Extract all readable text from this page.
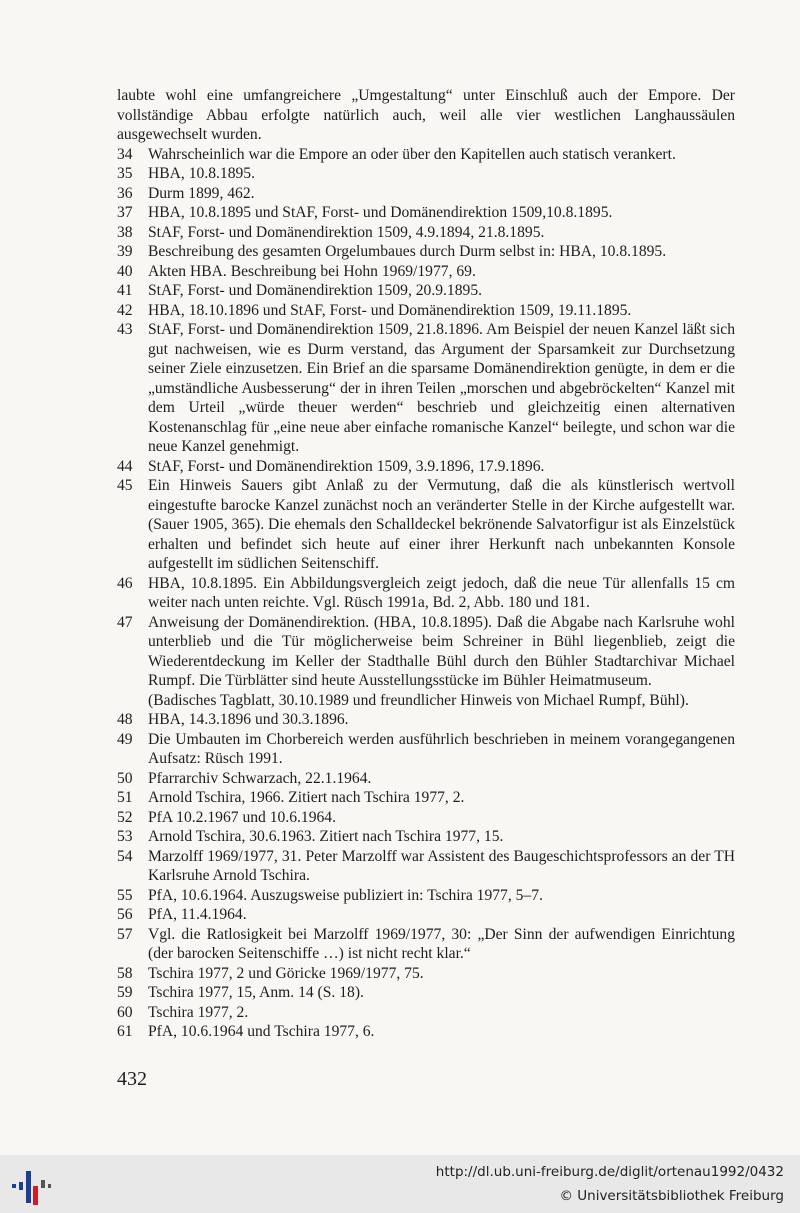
laubte wohl eine umfangreichere „Umgestaltung“ unter Einschluß auch der Empore. Der vollständige Abbau erfolgte natürlich auch, weil alle vier westlichen Langhaussäulen ausgewechselt wurden.

34 Wahrscheinlich war die Empore an oder über den Kapitellen auch statisch verankert.
35 HBA, 10.8.1895.
36 Durm 1899, 462.
37 HBA, 10.8.1895 und StAF, Forst- und Domänendirektion 1509,10.8.1895.
38 StAF, Forst- und Domänendirektion 1509, 4.9.1894, 21.8.1895.
39 Beschreibung des gesamten Orgelumbaues durch Durm selbst in: HBA, 10.8.1895.
40 Akten HBA. Beschreibung bei Hohn 1969/1977, 69.
41 StAF, Forst- und Domänendirektion 1509, 20.9.1895.
42 HBA, 18.10.1896 und StAF, Forst- und Domänendirektion 1509, 19.11.1895.
43 StAF, Forst- und Domänendirektion 1509, 21.8.1896. Am Beispiel der neuen Kanzel läßt sich gut nachweisen, wie es Durm verstand, das Argument der Sparsamkeit zur Durchsetzung seiner Ziele einzusetzen. Ein Brief an die sparsame Domänendirektion genügte, in dem er die „umständliche Ausbesserung“ der in ihren Teilen „morschen und abgebröckelten“ Kanzel mit dem Urteil „würde theuer werden“ beschrieb und gleichzeitig einen alternativen Kostenanschlag für „eine neue aber einfache romanische Kanzel“ beilegte, und schon war die neue Kanzel genehmigt.
44 StAF, Forst- und Domänendirektion 1509, 3.9.1896, 17.9.1896.
45 Ein Hinweis Sauers gibt Anlaß zu der Vermutung, daß die als künstlerisch wertvoll eingestufte barocke Kanzel zunächst noch an veränderter Stelle in der Kirche aufgestellt war. (Sauer 1905, 365). Die ehemals den Schalldeckel bekrönende Salvatorfigur ist als Einzelstück erhalten und befindet sich heute auf einer ihrer Herkunft nach unbekannten Konsole aufgestellt im südlichen Seitenschiff.
46 HBA, 10.8.1895. Ein Abbildungsvergleich zeigt jedoch, daß die neue Tür allenfalls 15 cm weiter nach unten reichte. Vgl. Rüsch 1991a, Bd. 2, Abb. 180 und 181.
47 Anweisung der Domänendirektion. (HBA, 10.8.1895). Daß die Abgabe nach Karlsruhe wohl unterblieb und die Tür möglicherweise beim Schreiner in Bühl liegenblieb, zeigt die Wiederentdeckung im Keller der Stadthalle Bühl durch den Bühler Stadtarchivar Michael Rumpf. Die Türblätter sind heute Ausstellungsstücke im Bühler Heimatmuseum.
(Badisches Tagblatt, 30.10.1989 und freundlicher Hinweis von Michael Rumpf, Bühl).
48 HBA, 14.3.1896 und 30.3.1896.
49 Die Umbauten im Chorbereich werden ausführlich beschrieben in meinem vorangegangenen Aufsatz: Rüsch 1991.
50 Pfarrarchiv Schwarzach, 22.1.1964.
51 Arnold Tschira, 1966. Zitiert nach Tschira 1977, 2.
52 PfA 10.2.1967 und 10.6.1964.
53 Arnold Tschira, 30.6.1963. Zitiert nach Tschira 1977, 15.
54 Marzolff 1969/1977, 31. Peter Marzolff war Assistent des Baugeschichtsprofessors an der TH Karlsruhe Arnold Tschira.
55 PfA, 10.6.1964. Auszugsweise publiziert in: Tschira 1977, 5–7.
56 PfA, 11.4.1964.
57 Vgl. die Ratlosigkeit bei Marzolff 1969/1977, 30: „Der Sinn der aufwendigen Einrichtung (der barocken Seitenschiffe …) ist nicht recht klar.“
58 Tschira 1977, 2 und Göricke 1969/1977, 75.
59 Tschira 1977, 15, Anm. 14 (S. 18).
60 Tschira 1977, 2.
61 PfA, 10.6.1964 und Tschira 1977, 6.
432
http://dl.ub.uni-freiburg.de/diglit/ortenau1992/0432
© Universitätsbibliothek Freiburg
